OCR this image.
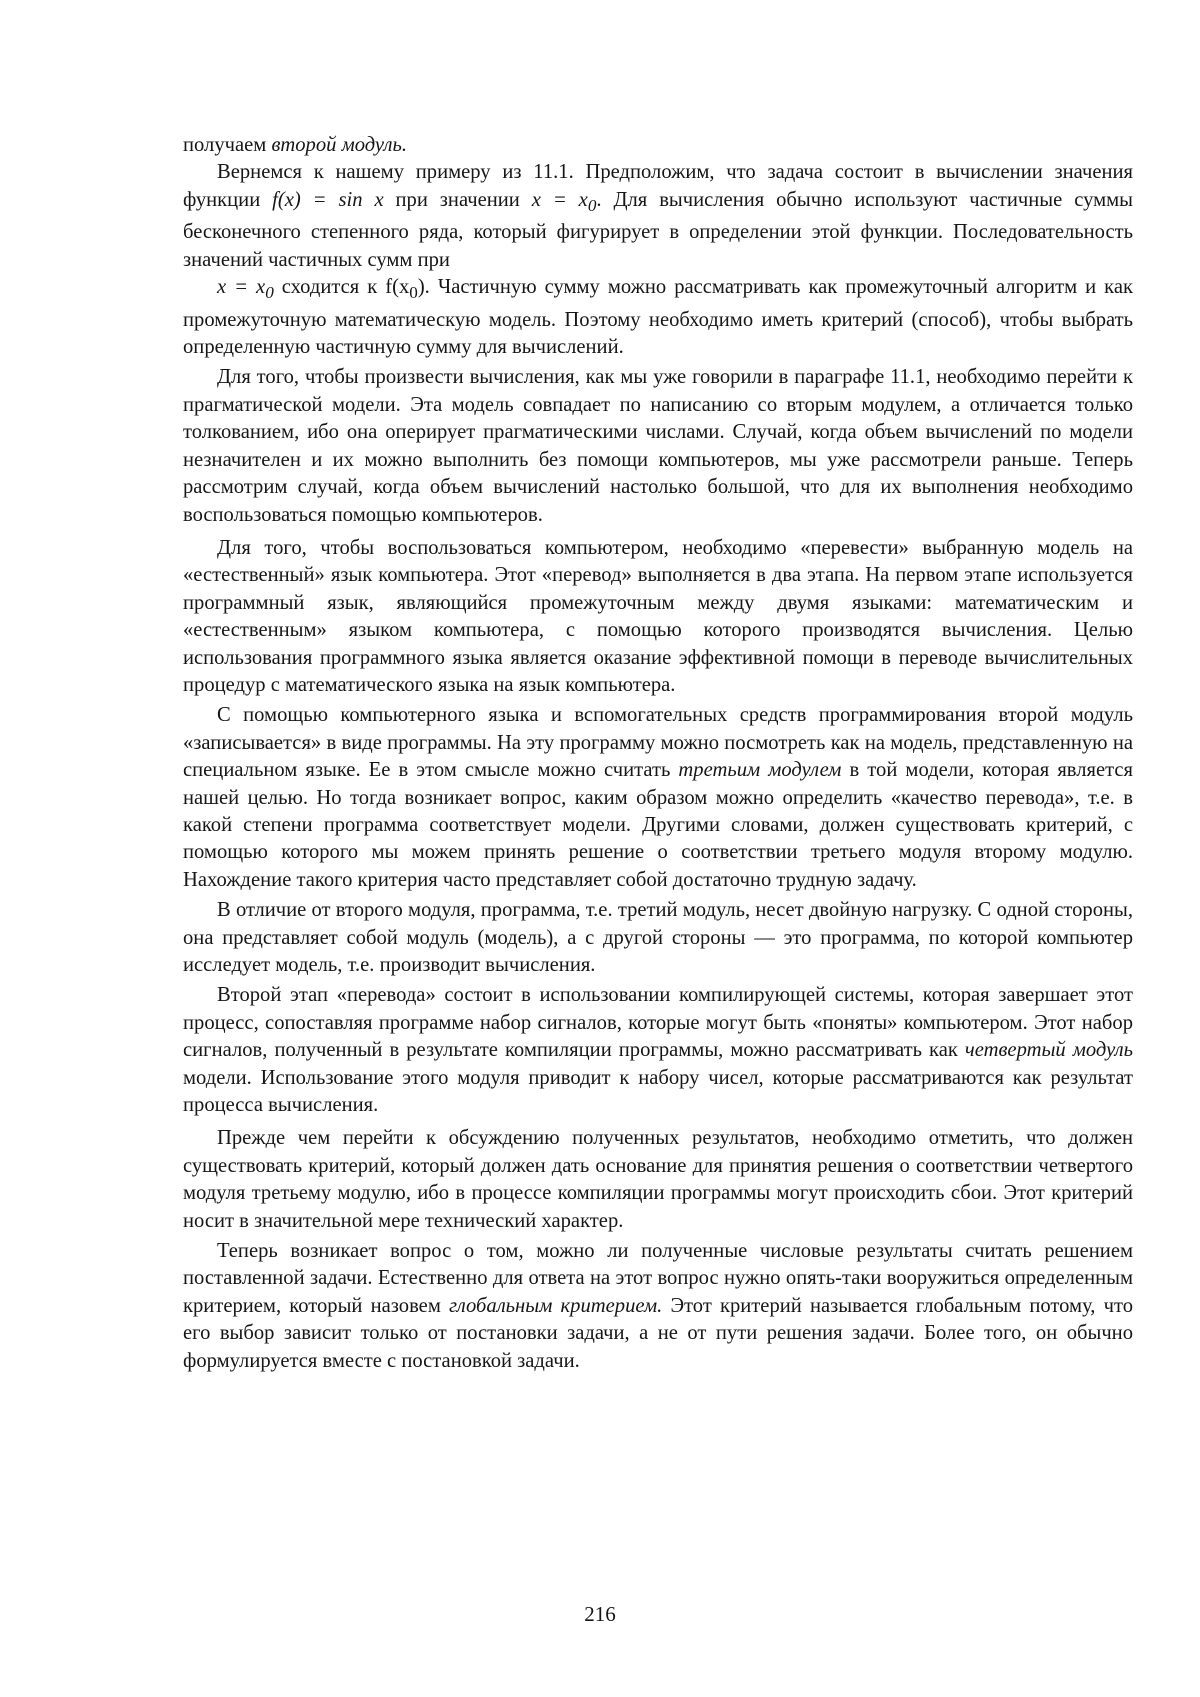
получаем второй модуль.

Вернемся к нашему примеру из 11.1. Предположим, что задача состоит в вычислении значения функции f(x) = sin x при значении $x = x_0$. Для вычисления обычно используют частичные суммы бесконечного степенного ряда, который фигурирует в определении этой функции. Последовательность значений частичных сумм при

$x = x_0$ сходится к $f(x_0)$. Частичную сумму можно рассматривать как промежуточный алгоритм и как промежуточную математическую модель. Поэтому необходимо иметь критерий (способ), чтобы выбрать определенную частичную сумму для вычислений.

Для того, чтобы произвести вычисления, как мы уже говорили в параграфе 11.1, необходимо перейти к прагматической модели. Эта модель совпадает по написанию со вторым модулем, а отличается только толкованием, ибо она оперирует прагматическими числами. Случай, когда объем вычислений по модели незначителен и их можно выполнить без помощи компьютеров, мы уже рассмотрели раньше. Теперь рассмотрим случай, когда объем вычислений настолько большой, что для их выполнения необходимо воспользоваться помощью компьютеров.

Для того, чтобы воспользоваться компьютером, необходимо «перевести» выбранную модель на «естественный» язык компьютера. Этот «перевод» выполняется в два этапа. На первом этапе используется программный язык, являющийся промежуточным между двумя языками: математическим и «естественным» языком компьютера, с помощью которого производятся вычисления. Целью использования программного языка является оказание эффективной помощи в переводе вычислительных процедур с математического языка на язык компьютера.

С помощью компьютерного языка и вспомогательных средств программирования второй модуль «записывается» в виде программы. На эту программу можно посмотреть как на модель, представленную на специальном языке. Ее в этом смысле можно считать третьим модулем в той модели, которая является нашей целью. Но тогда возникает вопрос, каким образом можно определить «качество перевода», т.е. в какой степени программа соответствует модели. Другими словами, должен существовать критерий, с помощью которого мы можем принять решение о соответствии третьего модуля второму модулю. Нахождение такого критерия часто представляет собой достаточно трудную задачу.

В отличие от второго модуля, программа, т.е. третий модуль, несет двойную нагрузку. С одной стороны, она представляет собой модуль (модель), а с другой стороны — это программа, по которой компьютер исследует модель, т.е. производит вычисления.

Второй этап «перевода» состоит в использовании компилирующей системы, которая завершает этот процесс, сопоставляя программе набор сигналов, которые могут быть «поняты» компьютером. Этот набор сигналов, полученный в результате компиляции программы, можно рассматривать как четвертый модуль модели. Использование этого модуля приводит к набору чисел, которые рассматриваются как результат процесса вычисления.

Прежде чем перейти к обсуждению полученных результатов, необходимо отметить, что должен существовать критерий, который должен дать основание для принятия решения о соответствии четвертого модуля третьему модулю, ибо в процессе компиляции программы могут происходить сбои. Этот критерий носит в значительной мере технический характер.

Теперь возникает вопрос о том, можно ли полученные числовые результаты считать решением поставленной задачи. Естественно для ответа на этот вопрос нужно опять-таки вооружиться определенным критерием, который назовем глобальным критерием. Этот критерий называется глобальным потому, что его выбор зависит только от постановки задачи, а не от пути решения задачи. Более того, он обычно формулируется вместе с постановкой задачи.

216
